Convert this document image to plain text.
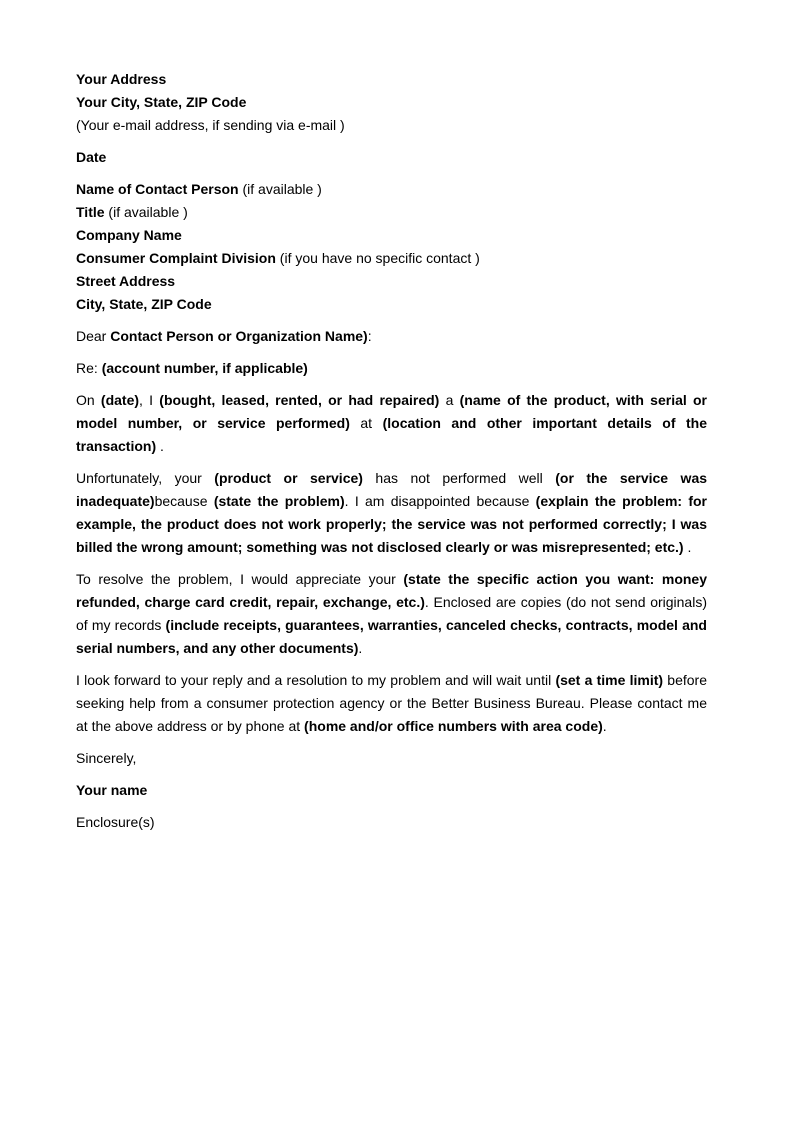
Your Address
Your City, State, ZIP Code
(Your e-mail address, if sending via e-mail )

Date

Name of Contact Person (if available )
Title (if available )
Company Name
Consumer Complaint Division (if you have no specific contact )
Street Address
City, State, ZIP Code

Dear Contact Person or Organization Name):

Re: (account number, if applicable)

On (date), I (bought, leased, rented, or had repaired) a (name of the product, with serial or model number, or service performed) at (location and other important details of the transaction) .

Unfortunately, your (product or service) has not performed well (or the service was inadequate)because (state the problem). I am disappointed because (explain the problem: for example, the product does not work properly; the service was not performed correctly; I was billed the wrong amount; something was not disclosed clearly or was misrepresented; etc.) .

To resolve the problem, I would appreciate your (state the specific action you want: money refunded, charge card credit, repair, exchange, etc.). Enclosed are copies (do not send originals) of my records (include receipts, guarantees, warranties, canceled checks, contracts, model and serial numbers, and any other documents).

I look forward to your reply and a resolution to my problem and will wait until (set a time limit) before seeking help from a consumer protection agency or the Better Business Bureau. Please contact me at the above address or by phone at (home and/or office numbers with area code).

Sincerely,

Your name

Enclosure(s)
